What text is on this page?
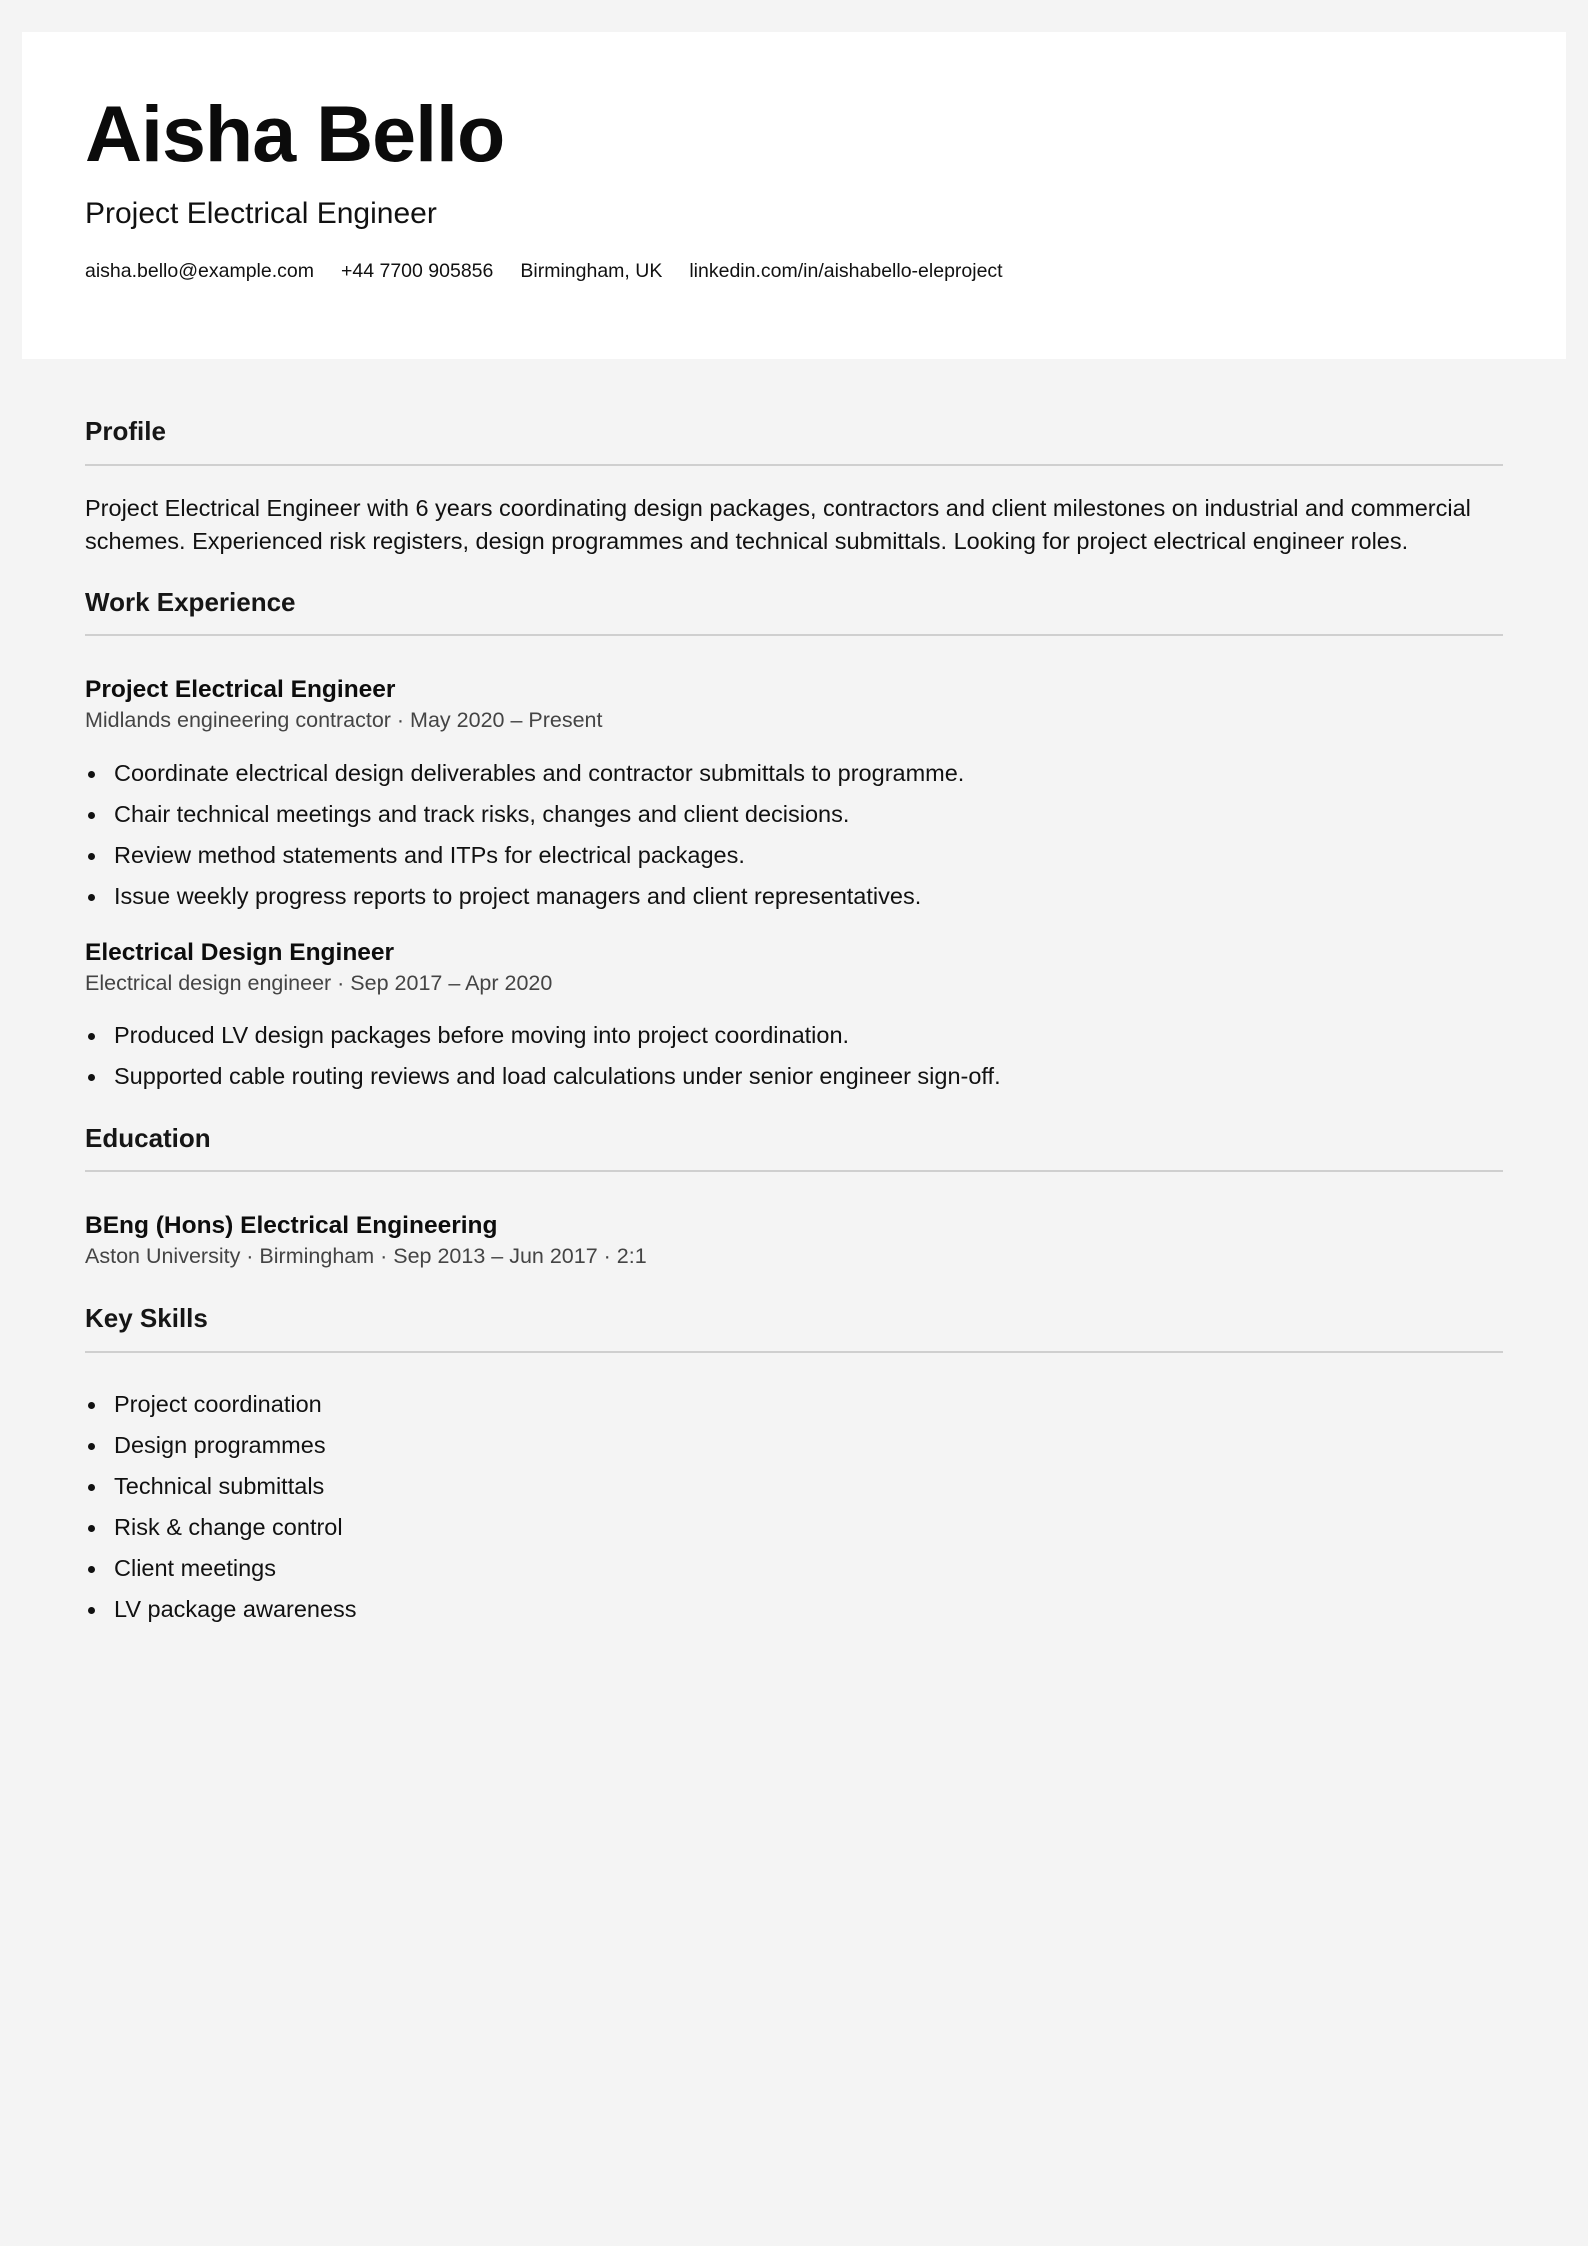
Aisha Bello
Project Electrical Engineer
aisha.bello@example.com +44 7700 905856 Birmingham, UK linkedin.com/in/aishabello-eleproject
Profile
Project Electrical Engineer with 6 years coordinating design packages, contractors and client milestones on industrial and commercial schemes. Experienced risk registers, design programmes and technical submittals. Looking for project electrical engineer roles.
Work Experience
Project Electrical Engineer
Midlands engineering contractor · May 2020 – Present
Coordinate electrical design deliverables and contractor submittals to programme.
Chair technical meetings and track risks, changes and client decisions.
Review method statements and ITPs for electrical packages.
Issue weekly progress reports to project managers and client representatives.
Electrical Design Engineer
Electrical design engineer · Sep 2017 – Apr 2020
Produced LV design packages before moving into project coordination.
Supported cable routing reviews and load calculations under senior engineer sign-off.
Education
BEng (Hons) Electrical Engineering
Aston University · Birmingham · Sep 2013 – Jun 2017 · 2:1
Key Skills
Project coordination
Design programmes
Technical submittals
Risk & change control
Client meetings
LV package awareness
